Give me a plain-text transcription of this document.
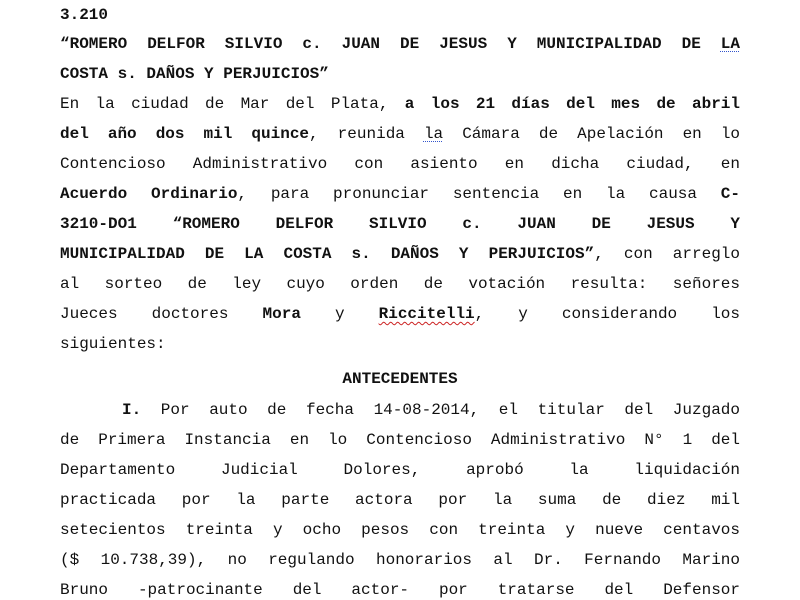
3.210
“ROMERO DELFOR SILVIO c. JUAN DE JESUS Y MUNICIPALIDAD DE LA
COSTA s. DAÑOS Y PERJUICIOS”
En la ciudad de Mar del Plata, a los 21 días del mes de abril
del año dos mil quince, reunida la Cámara de Apelación en lo
Contencioso Administrativo con asiento en dicha ciudad, en
Acuerdo Ordinario, para pronunciar sentencia en la causa C-
3210-DO1 “ROMERO DELFOR SILVIO c. JUAN DE JESUS Y
MUNICIPALIDAD DE LA COSTA s. DAÑOS Y PERJUICIOS”, con arreglo
al sorteo de ley cuyo orden de votación resulta: señores
Jueces doctores Mora y Riccitelli, y considerando los
siguientes:
ANTECEDENTES
I. Por auto de fecha 14-08-2014, el titular del Juzgado
de Primera Instancia en lo Contencioso Administrativo N° 1 del
Departamento Judicial Dolores, aprobó la liquidación
practicada por la parte actora por la suma de diez mil
setecientos treinta y ocho pesos con treinta y nueve centavos
($ 10.738,39), no regulando honorarios al Dr. Fernando Marino
Bruno -patrocinante del actor- por tratarse del Defensor
